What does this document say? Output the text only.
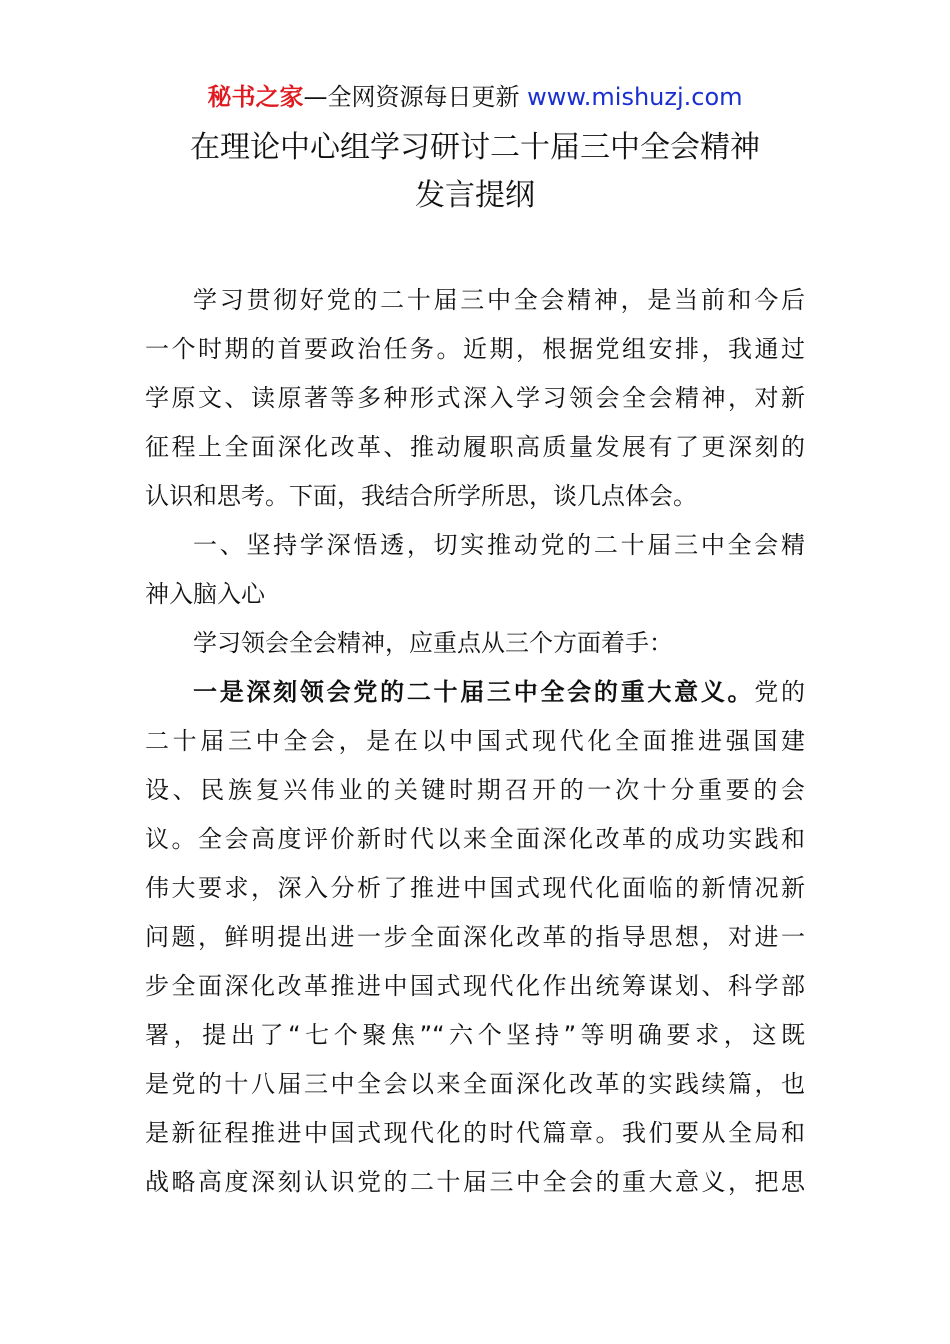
秘书之家—全网资源每日更新 www.mishuzj.com
在理论中心组学习研讨二十届三中全会精神
发言提纲
学习贯彻好党的二十届三中全会精神，是当前和今后
一个时期的首要政治任务。近期，根据党组安排，我通过
学原文、读原著等多种形式深入学习领会全会精神，对新
征程上全面深化改革、推动履职高质量发展有了更深刻的
认识和思考。下面，我结合所学所思，谈几点体会。
一、坚持学深悟透，切实推动党的二十届三中全会精
神入脑入心
学习领会全会精神，应重点从三个方面着手：
一是深刻领会党的二十届三中全会的重大意义。党的
二十届三中全会，是在以中国式现代化全面推进强国建
设、民族复兴伟业的关键时期召开的一次十分重要的会
议。全会高度评价新时代以来全面深化改革的成功实践和
伟大要求，深入分析了推进中国式现代化面临的新情况新
问题，鲜明提出进一步全面深化改革的指导思想，对进一
步全面深化改革推进中国式现代化作出统筹谋划、科学部
署，提出了“七个聚焦”“六个坚持”等明确要求，这既
是党的十八届三中全会以来全面深化改革的实践续篇，也
是新征程推进中国式现代化的时代篇章。我们要从全局和
战略高度深刻认识党的二十届三中全会的重大意义，把思
